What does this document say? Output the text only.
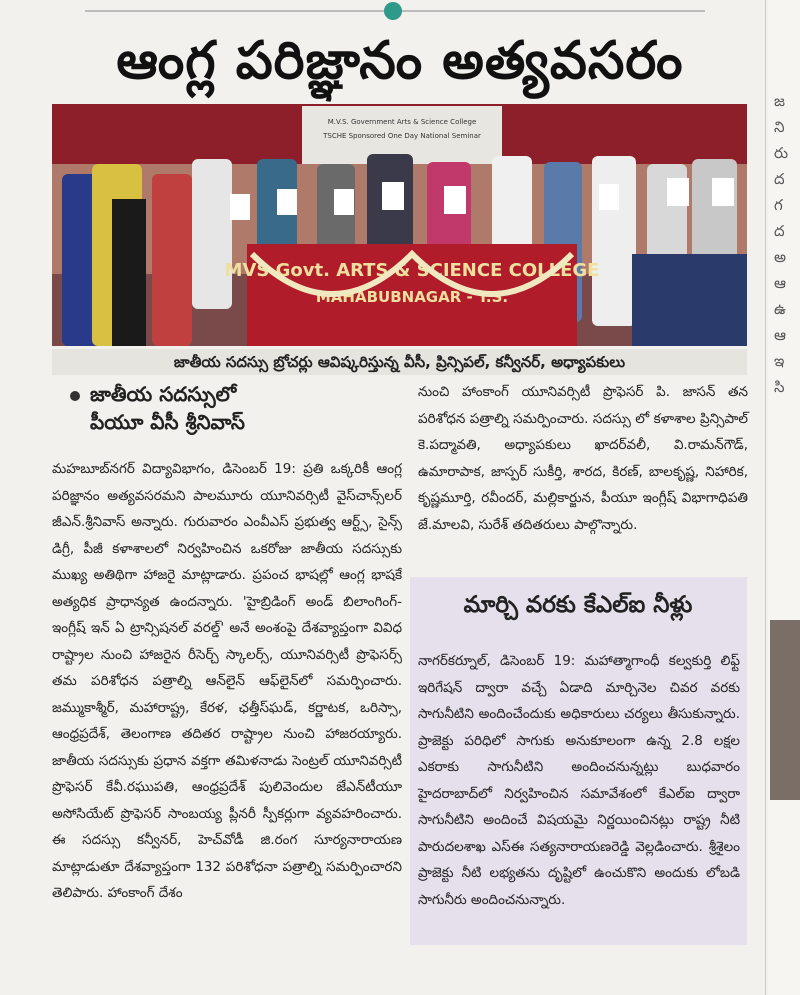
ఆంగ్ల పరిజ్ఞానం అత్యవసరం
M.V.S. Government Arts & Science College
TSCHE Sponsored One Day National Seminar
MVS Govt. ARTS & SCIENCE COLLEGE
MAHABUBNAGAR - T.S.
జాతీయ సదస్సు బ్రోచర్లు ఆవిష్కరిస్తున్న వీసీ, ప్రిన్సిపల్, కన్వీనర్, అధ్యాపకులు
జాతీయ సదస్సులో
పీయూ వీసీ శ్రీనివాస్
మహబూబ్‌నగర్ విద్యావిభాగం, డిసెంబర్ 19: ప్రతి ఒక్కరికీ ఆంగ్ల పరిజ్ఞానం అత్యవసరమని పాలమూరు యూనివర్సిటీ వైస్‌చాన్స్‌లర్ జీఎన్.శ్రీనివాస్ అన్నారు. గురువారం ఎంవీఎస్ ప్రభుత్వ ఆర్ట్స్, సైన్స్ డిగ్రీ, పీజీ కళాశాలలో నిర్వహించిన ఒకరోజు జాతీయ సదస్సుకు ముఖ్య అతిథిగా హాజరై మాట్లాడారు. ప్రపంచ భాషల్లో ఆంగ్ల భాషకే అత్యధిక ప్రాధాన్యత ఉందన్నారు. 'హైబ్రిడింగ్ అండ్ బిలాంగింగ్- ఇంగ్లీష్ ఇన్ ఏ ట్రాన్సిషనల్ వరల్డ్' అనే అంశంపై దేశవ్యాప్తంగా వివిధ రాష్ట్రాల నుంచి హాజరైన రీసెర్చ్ స్కాలర్స్, యూనివర్సిటీ ప్రొఫెసర్స్ తమ పరిశోధన పత్రాల్ని ఆన్‌లైన్ ఆఫ్‌లైన్‌లో సమర్పించారు. జమ్ముకాశ్మీర్, మహారాష్ట్ర, కేరళ, ఛత్తీస్‌ఘడ్, కర్ణాటక, ఒరిస్సా, ఆంధ్రప్రదేశ్, తెలంగాణ తదితర రాష్ట్రాల నుంచి హాజరయ్యారు. జాతీయ సదస్సుకు ప్రధాన వక్తగా తమిళనాడు సెంట్రల్ యూనివర్సిటీ ప్రొఫెసర్ కేవీ.రఘుపతి, ఆంధ్రప్రదేశ్ పులివెందుల జేఎన్‌టీయూ అసోసియేట్ ప్రొఫెసర్ సాంబయ్య ప్లీనరీ స్పీకర్లుగా వ్యవహరించారు. ఈ సదస్సు కన్వీనర్, హెచ్‌వోడీ జి.రంగ సూర్యనారాయణ మాట్లాడుతూ దేశవ్యాప్తంగా 132 పరిశోధనా పత్రాల్ని సమర్పించారని తెలిపారు. హాంకాంగ్ దేశం
నుంచి హాంకాంగ్ యూనివర్సిటీ ప్రొఫెసర్ పి. జాసన్ తన పరిశోధన పత్రాల్ని సమర్పించారు. సదస్సు లో కళాశాల ప్రిన్సిపాల్ కె.పద్మావతి, అధ్యాపకులు ఖాదర్‌వలీ, వి.రామన్‌గౌడ్, ఉమారాపాక, జాస్పర్ సుకీర్తి, శారద, కిరణ్, బాలకృష్ణ, నిహారిక, కృష్ణమూర్తి, రవీందర్, మల్లికార్జున, పీయూ ఇంగ్లీష్ విభాగాధిపతి జే.మాలవి, సురేశ్ తదితరులు పాల్గొన్నారు.
మార్చి వరకు కేఎల్ఐ నీళ్లు
నాగర్‌కర్నూల్, డిసెంబర్ 19: మహాత్మాగాంధీ కల్వకుర్తి లిఫ్ట్ ఇరిగేషన్ ద్వారా వచ్చే ఏడాది మార్చినెల చివర వరకు సాగునీటిని అందించేందుకు అధికారులు చర్యలు తీసుకున్నారు. ప్రాజెక్టు పరిధిలో సాగుకు అనుకూలంగా ఉన్న 2.8 లక్షల ఎకరాకు సాగునీటిని అందించనున్నట్లు బుధవారం హైదరాబాద్‌లో నిర్వహించిన సమావేశంలో కేఎల్ఐ ద్వారా సాగునీటిని అందించే విషయమై నిర్ణయించినట్లు రాష్ట్ర నీటి పారుదలశాఖ ఎస్ఈ సత్యనారాయణరెడ్డి వెల్లడించారు. శ్రీశైలం ప్రాజెక్టు నీటి లభ్యతను దృష్టిలో ఉంచుకొని అందుకు లోబడి సాగునీరు అందించనున్నారు.
జ
ని
రు
ద
గ
ద
అ
ఆ
ఉ
ఆ
ఇ
సి
